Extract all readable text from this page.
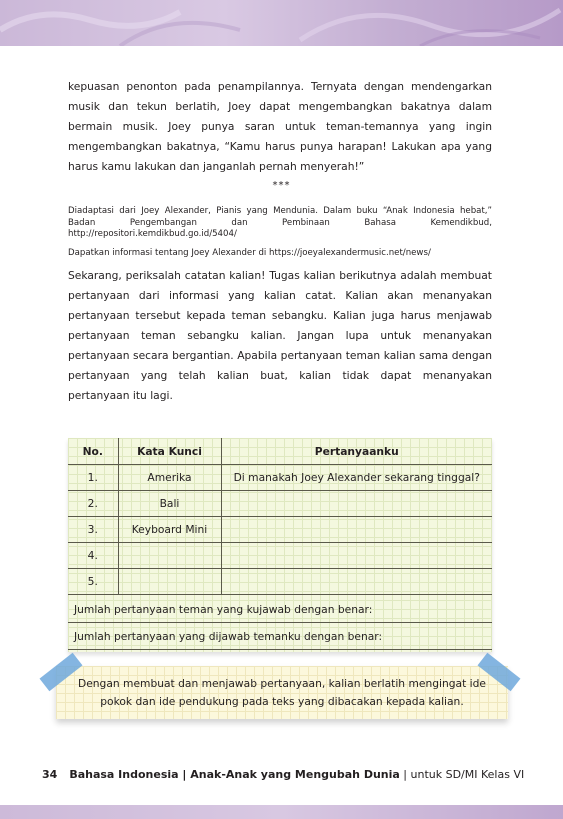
kepuasan penonton pada penampilannya. Ternyata dengan mendengarkan musik dan tekun berlatih, Joey dapat mengembangkan bakatnya dalam bermain musik. Joey punya saran untuk teman-temannya yang ingin mengembangkan bakatnya, “Kamu harus punya harapan! Lakukan apa yang harus kamu lakukan dan janganlah pernah menyerah!”

***

Diadaptasi dari Joey Alexander, Pianis yang Mendunia. Dalam buku “Anak Indonesia hebat,” Badan Pengembangan dan Pembinaan Bahasa Kemendikbud, http://repositori.kemdikbud.go.id/5404/

Dapatkan informasi tentang Joey Alexander di https://joeyalexandermusic.net/news/

Sekarang, periksalah catatan kalian! Tugas kalian berikutnya adalah membuat pertanyaan dari informasi yang kalian catat. Kalian akan menanyakan pertanyaan tersebut kepada teman sebangku. Kalian juga harus menjawab pertanyaan teman sebangku kalian. Jangan lupa untuk menanyakan pertanyaan secara bergantian. Apabila pertanyaan teman kalian sama dengan pertanyaan yang telah kalian buat, kalian tidak dapat menanyakan pertanyaan itu lagi.

No.	Kata Kunci	Pertanyaanku
1.	Amerika	Di manakah Joey Alexander sekarang tinggal?
2.	Bali	
3.	Keyboard Mini	
4.		
5.		
Jumlah pertanyaan teman yang kujawab dengan benar:
Jumlah pertanyaan yang dijawab temanku dengan benar:
Dengan membuat dan menjawab pertanyaan, kalian berlatih mengingat ide pokok dan ide pendukung pada teks yang dibacakan kepada kalian.
34 Bahasa Indonesia | Anak-Anak yang Mengubah Dunia | untuk SD/MI Kelas VI
